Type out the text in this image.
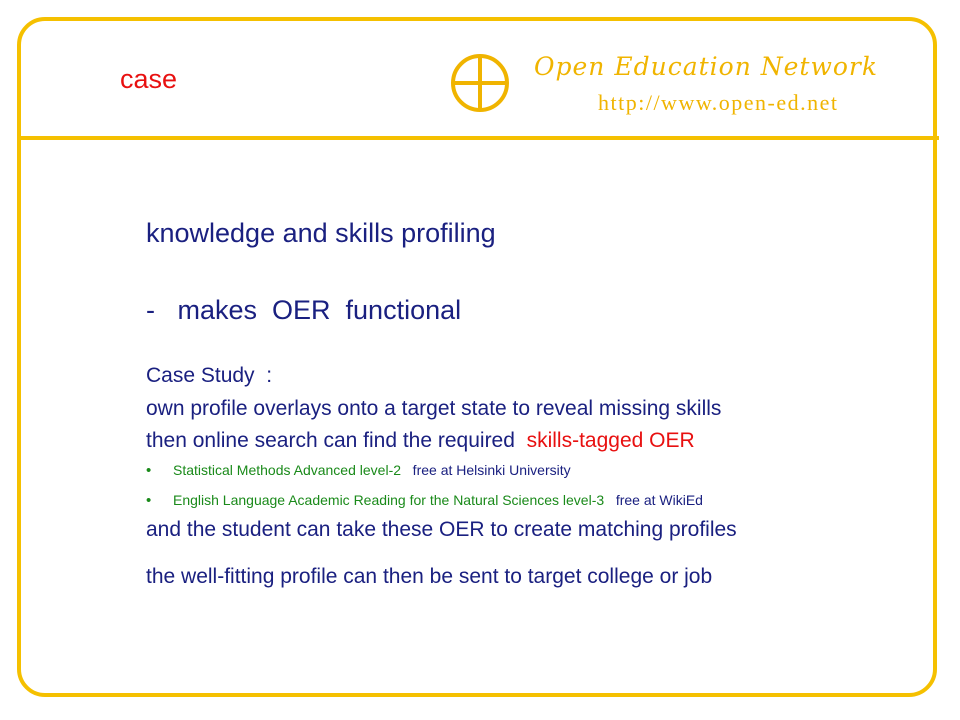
case	Open Education Network
http://www.open-ed.net
knowledge and skills profiling
-   makes  OER  functional
Case Study  :
own profile overlays onto a target state to reveal missing skills
then online search can find the required  skills-tagged OER
• Statistical Methods Advanced level-2   free at Helsinki University
• English Language Academic Reading for the Natural Sciences level-3   free at WikiEd
and the student can take these OER to create matching profiles
the well-fitting profile can then be sent to target college or job
